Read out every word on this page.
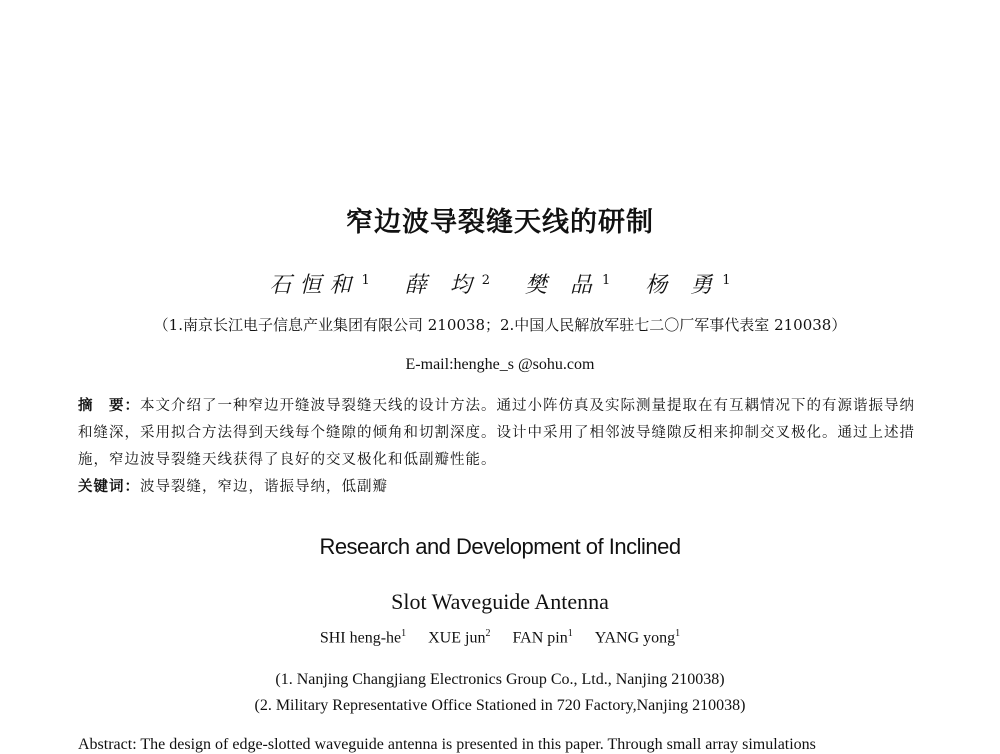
窄边波导裂缝天线的研制
石恒和 $^1$ 薛 均 $^2$ 樊 品 $^1$ 杨 勇 $^1$
（1.南京长江电子信息产业集团有限公司 210038；2.中国人民解放军驻七二〇厂军事代表室 210038）
E-mail:henghe_s @sohu.com
摘　要：本文介绍了一种窄边开缝波导裂缝天线的设计方法。通过小阵仿真及实际测量提取在有互耦情况下的有源谐振导纳和缝深，采用拟合方法得到天线每个缝隙的倾角和切割深度。设计中采用了相邻波导缝隙反相来抑制交叉极化。通过上述措施，窄边波导裂缝天线获得了良好的交叉极化和低副瓣性能。
关键词：波导裂缝，窄边，谐振导纳，低副瓣
Research and Development of Inclined
Slot Waveguide Antenna
SHI heng-$he^1$ XUE jun$^2$ FAN pin$^1$ YANG yong$^1$
(1. Nanjing Changjiang Electronics Group Co., Ltd., Nanjing 210038)
(2. Military Representative Office Stationed in 720 Factory,Nanjing 210038)
Abstract: The design of edge-slotted waveguide antenna is presented in this paper. Through small array simulations
